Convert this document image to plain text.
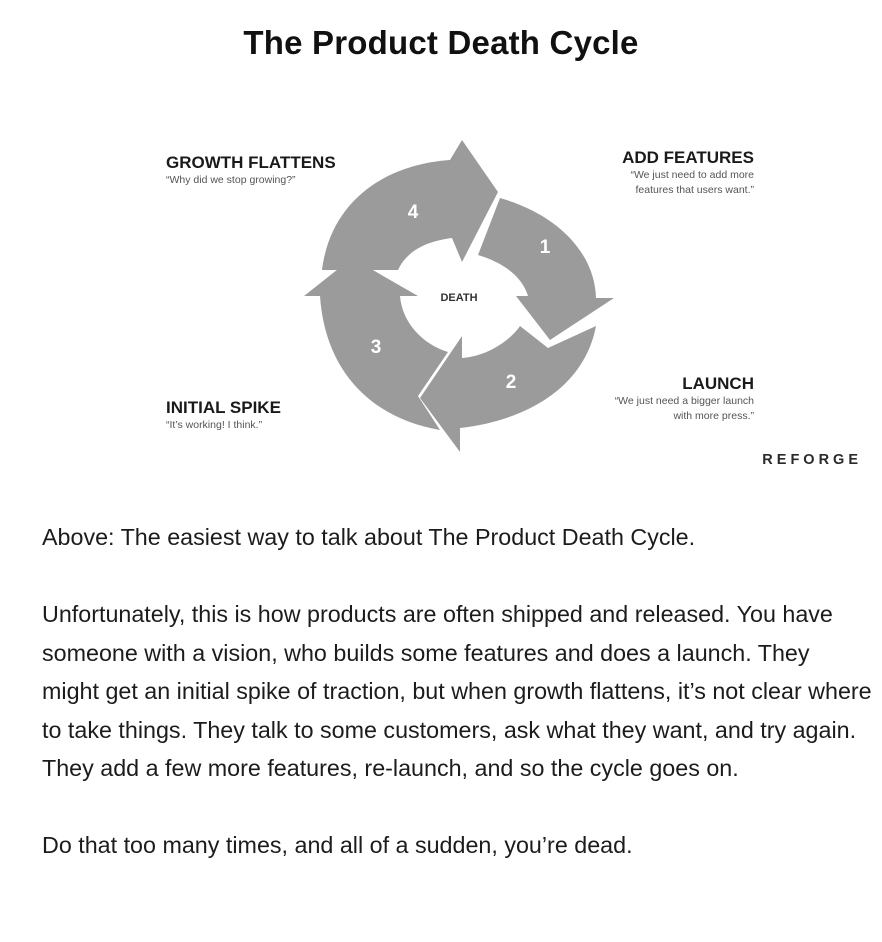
The Product Death Cycle
1
2
3
4
DEATH
ADD FEATURES
“We just need to add more
features that users want.”
LAUNCH
“We just need a bigger launch
with more press.”
INITIAL SPIKE
“It’s working! I think.”
GROWTH FLATTENS
“Why did we stop growing?”
REFORGE

Above: The easiest way to talk about The Product Death Cycle.

Unfortunately, this is how products are often shipped and released. You have someone with a vision, who builds some features and does a launch. They might get an initial spike of traction, but when growth flattens, it’s not clear where to take things. They talk to some customers, ask what they want, and try again. They add a few more features, re-launch, and so the cycle goes on.

Do that too many times, and all of a sudden, you’re dead.
